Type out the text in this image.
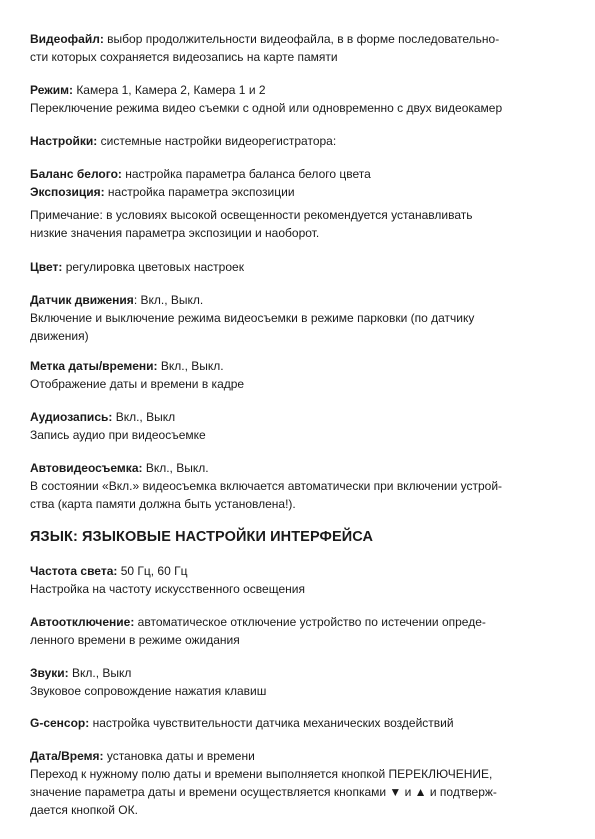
Видеофайл: выбор продолжительности видеофайла, в в форме последовательно-
сти которых сохраняется видеозапись на карте памяти
Режим: Камера 1, Камера 2, Камера 1 и 2
Переключение режима видео съемки с одной или одновременно с двух видеокамер
Настройки: системные настройки видеорегистратора:
Баланс белого: настройка параметра баланса белого цвета
Экспозиция: настройка параметра экспозиции
Примечание: в условиях высокой освещенности рекомендуется устанавливать
низкие значения параметра экспозиции и наоборот.
Цвет: регулировка цветовых настроек
Датчик движения: Вкл., Выкл.
Включение и выключение режима видеосъемки в режиме парковки (по датчику
движения)
Метка даты/времени: Вкл., Выкл.
Отображение даты и времени в кадре
Аудиозапись: Вкл., Выкл
Запись аудио при видеосъемке
Автовидеосъемка: Вкл., Выкл.
В состоянии «Вкл.» видеосъемка включается автоматически при включении устрой-
ства (карта памяти должна быть установлена!).
ЯЗЫК: ЯЗЫКОВЫЕ НАСТРОЙКИ ИНТЕРФЕЙСА
Частота света: 50 Гц, 60 Гц
Настройка на частоту искусственного освещения
Автоотключение: автоматическое отключение устройство по истечении опреде-
ленного времени в режиме ожидания
Звуки: Вкл., Выкл
Звуковое сопровождение нажатия клавиш
G-сенсор: настройка чувствительности датчика механических воздействий
Дата/Время: установка даты и времени
Переход к нужному полю даты и времени выполняется кнопкой ПЕРЕКЛЮЧЕНИЕ,
значение параметра даты и времени осуществляется кнопками ▼ и ▲ и подтверж-
дается кнопкой ОК.
